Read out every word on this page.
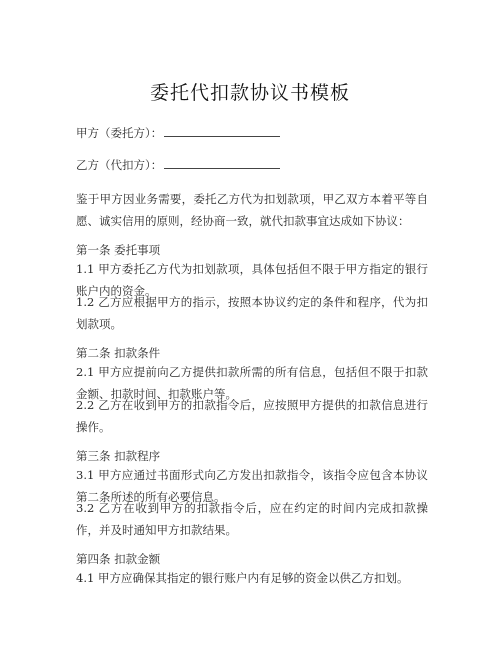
委托代扣款协议书模板
甲方（委托方）：
乙方（代扣方）：
鉴于甲方因业务需要，委托乙方代为扣划款项，甲乙双方本着平等自愿、诚实信用的原则，经协商一致，就代扣款事宜达成如下协议：
第一条 委托事项
1.1 甲方委托乙方代为扣划款项，具体包括但不限于甲方指定的银行账户内的资金。
1.2 乙方应根据甲方的指示，按照本协议约定的条件和程序，代为扣划款项。
第二条 扣款条件
2.1 甲方应提前向乙方提供扣款所需的所有信息，包括但不限于扣款金额、扣款时间、扣款账户等。
2.2 乙方在收到甲方的扣款指令后，应按照甲方提供的扣款信息进行操作。
第三条 扣款程序
3.1 甲方应通过书面形式向乙方发出扣款指令，该指令应包含本协议第二条所述的所有必要信息。
3.2 乙方在收到甲方的扣款指令后，应在约定的时间内完成扣款操作，并及时通知甲方扣款结果。
第四条 扣款金额
4.1 甲方应确保其指定的银行账户内有足够的资金以供乙方扣划。
